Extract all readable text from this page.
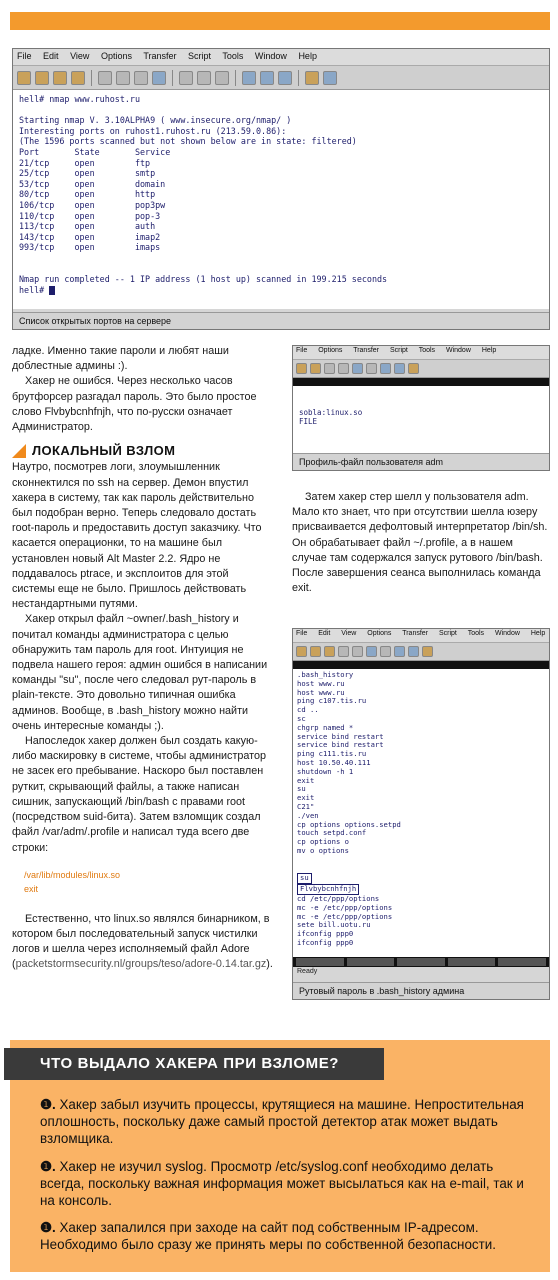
File Edit View Options Transfer Script Tools Window Help
hell# nmap www.ruhost.ru

Starting nmap V. 3.10ALPHA9 ( www.insecure.org/nmap/ )
Interesting ports on ruhost1.ruhost.ru (213.59.0.86):
(The 1596 ports scanned but not shown below are in state: filtered)
Port       State       Service
21/tcp     open        ftp
25/tcp     open        smtp
53/tcp     open        domain
80/tcp     open        http
106/tcp    open        pop3pw
110/tcp    open        pop-3
113/tcp    open        auth
143/tcp    open        imap2
993/tcp    open        imaps

Nmap run completed -- 1 IP address (1 host up) scanned in 199.215 seconds
hell#
Список открытых портов на сервере
File Options Transfer Script Tools Window Help

sobla:linux.so
FILE
Профиль-файл пользователя adm
File Edit View Options Transfer Script Tools Window Help
.bash_history
host www.ru
host www.ru
ping c107.tis.ru
cd ..
sc
chgrp named *
service bind restart
service bind restart
ping c111.tis.ru
host 10.50.40.111
shutdown -h 1
exit
su
exit
C21"
./ven
cp options options.setpd
touch setpd.conf
cp options o
mv o options

su
Flvbybcnhfnjh
cd /etc/ppp/options
mc -e /etc/ppp/options
mc -e /etc/ppp/options
sete bill.uotu.ru
ifconfig ppp0
ifconfig ppp0
Ready
Рутовый пароль в .bash_history админа

ладке. Именно такие пароли и любят наши доблестные админы :).

Хакер не ошибся. Через несколько часов брутфорсер разгадал пароль. Это было простое слово Flvbybcnhfnjh, что по-русски означает Администратор.

ЛОКАЛЬНЫЙ ВЗЛОМ

Наутро, посмотрев логи, злоумышленник сконнектился по ssh на сервер. Демон впустил хакера в систему, так как пароль действительно был подобран верно. Теперь следовало достать root-пароль и предоставить доступ заказчику. Что касается операционки, то на машине был установлен новый Alt Master 2.2. Ядро не поддавалось ptrace, и эксплоитов для этой системы еще не было. Пришлось действовать нестандартными путями.

Хакер открыл файл ~owner/.bash_history и почитал команды администратора с целью обнаружить там пароль для root. Интуиция не подвела нашего героя: админ ошибся в написании команды "su", после чего следовал рут-пароль в plain-тексте. Это довольно типичная ошибка админов. Вообще, в .bash_history можно найти очень интересные команды ;).

Напоследок хакер должен был создать какую-либо маскировку в системе, чтобы администратор не засек его пребывание. Наскоро был поставлен руткит, скрывающий файлы, а также написан сишник, запускающий /bin/bash с правами root (посредством suid-бита). Затем взломщик создал файл /var/adm/.profile и написал туда всего две строки:

/var/lib/modules/linux.so
exit

Естественно, что linux.so являлся бинарником, в котором был последовательный запуск чистилки логов и шелла через исполняемый файл Adore (packetstormsecurity.nl/groups/teso/adore-0.14.tar.gz).

Затем хакер стер шелл у пользователя adm. Мало кто знает, что при отсутствии шелла юзеру присваивается дефолтовый интерпретатор /bin/sh. Он обрабатывает файл ~/.profile, а в нашем случае там содержался запуск рутового /bin/bash. После завершения сеанса выполнилась команда exit.

ЧТО ВЫДАЛО ХАКЕРА ПРИ ВЗЛОМЕ?

❶. Хакер забыл изучить процессы, крутящиеся на машине. Непростительная оплошность, поскольку даже самый простой детектор атак может выдать взломщика.

❶. Хакер не изучил syslog. Просмотр /etc/syslog.conf необходимо делать всегда, поскольку важная информация может высылаться как на e-mail, так и на консоль.

❶. Хакер запалился при заходе на сайт под собственным IP-адресом. Необходимо было сразу же принять меры по собственной безопасности.
